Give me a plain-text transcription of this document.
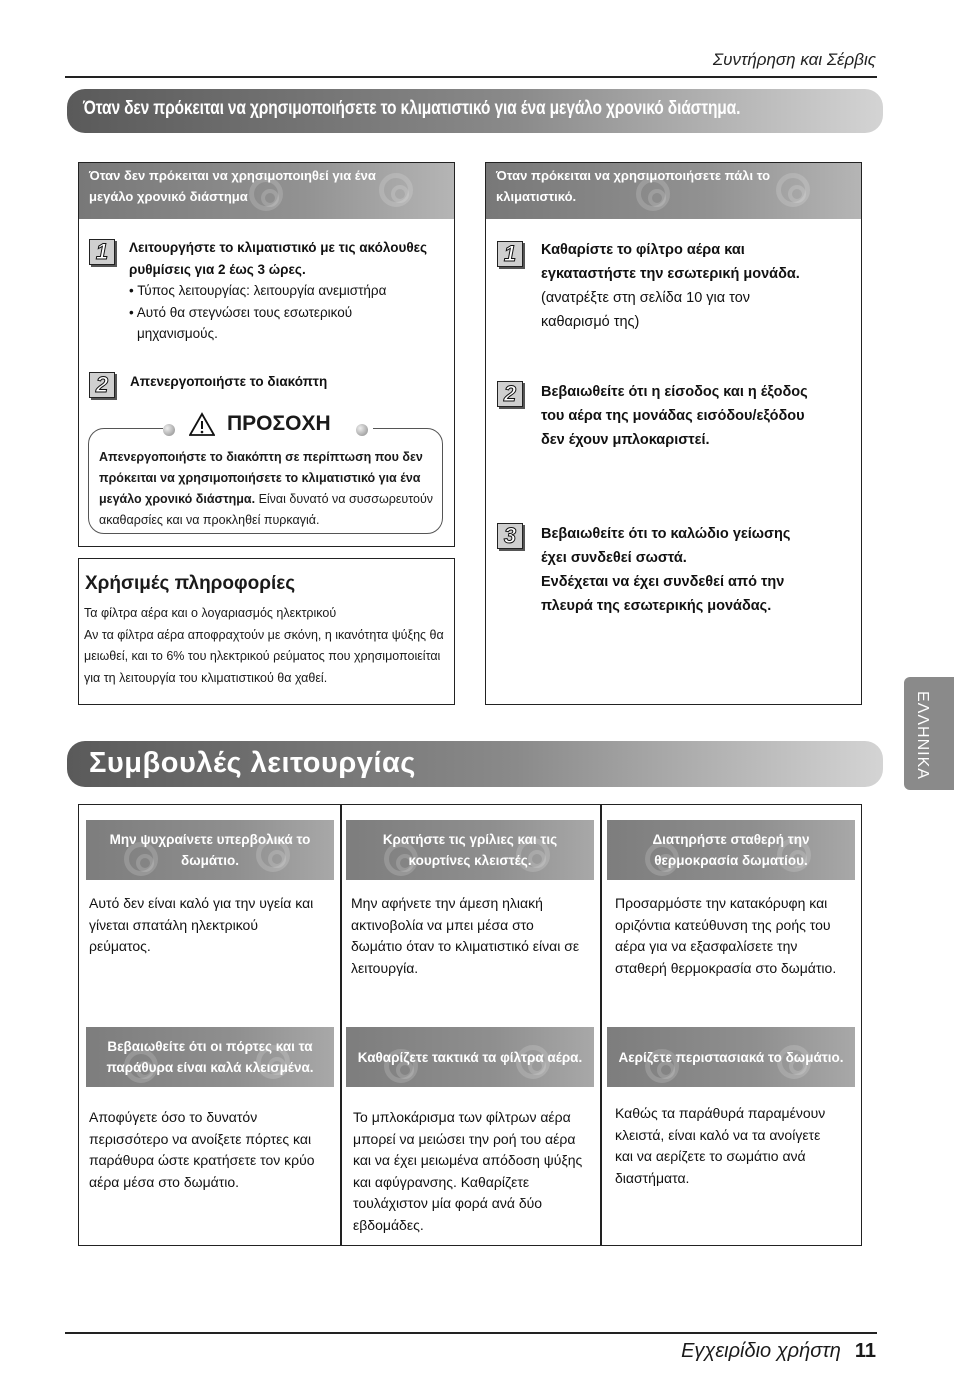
Συντήρηση και Σέρβις
Όταν δεν πρόκειται να χρησιμοποιήσετε το κλιματιστικό για ένα μεγάλο χρονικό διάστημα.
Όταν δεν πρόκειται να χρησιμοποιηθεί για ένα
μεγάλο χρονικό διάστημα
1	Λειτουργήστε το κλιματιστικό με τις ακόλουθες
ρυθμίσεις για 2 έως 3 ώρες.
• Τύπος λειτουργίας: λειτουργία ανεμιστήρα
• Αυτό θα στεγνώσει τους εσωτερικού
μηχανισμούς.
2	Απενεργοποιήστε το διακόπτη
Απενεργοποιήστε το διακόπτη σε περίπτωση που δεν
πρόκειται να χρησιμοποιήσετε το κλιματιστικό για ένα
μεγάλο χρονικό διάστημα. Είναι δυνατό να συσσωρευτούν
ακαθαρσίες και να προκληθεί πυρκαγιά.
ΠΡΟΣΟΧΗ
Χρήσιμές πληροφορίες
Τα φίλτρα αέρα και ο λογαριασμός ηλεκτρικού
Αν τα φίλτρα αέρα αποφραχτούν με σκόνη, η ικανότητα ψύξης θα
μειωθεί, και το 6% του ηλεκτρικού ρεύματος που χρησιμοποιείται
για τη λειτουργία του κλιματιστικού θα χαθεί.
Όταν πρόκειται να χρησιμοποιήσετε πάλι το
κλιματιστικό.
1	Καθαρίστε το φίλτρο αέρα και
εγκαταστήστε την εσωτερική μονάδα.
(ανατρέξτε στη σελίδα 10 για τον
καθαρισμό της)
2	Βεβαιωθείτε ότι η είσοδος και η έξοδος
του αέρα της μονάδας εισόδου/εξόδου
δεν έχουν μπλοκαριστεί.
3	Βεβαιωθείτε ότι το καλώδιο γείωσης
έχει συνδεθεί σωστά.
Ενδέχεται να έχει συνδεθεί από την
πλευρά της εσωτερικής μονάδας.
ΕΛΛΗΝΙΚΑ
Συμβουλές λειτουργίας
Μην ψυχραίνετε υπερβολικά το
δωμάτιο.
Κρατήστε τις γρίλιες και τις
κουρτίνες κλειστές.
Διατηρήστε σταθερή την
θερμοκρασία δωματίου.
Αυτό δεν είναι καλό για την υγεία και
γίνεται σπατάλη ηλεκτρικού
ρεύματος.
Μην αφήνετε την άμεση ηλιακή
ακτινοβολία να μπει μέσα στο
δωμάτιο όταν το κλιματιστικό είναι σε
λειτουργία.
Προσαρμόστε την κατακόρυφη και
οριζόντια κατεύθυνση της ροής του
αέρα για να εξασφαλίσετε την
σταθερή θερμοκρασία στο δωμάτιο.
Βεβαιωθείτε ότι οι πόρτες και τα
παράθυρα είναι καλά κλεισμένα.
Καθαρίζετε τακτικά τα φίλτρα αέρα.	Αερίζετε περιστασιακά το δωμάτιο.
Αποφύγετε όσο το δυνατόν
περισσότερο να ανοίξετε πόρτες και
παράθυρα ώστε κρατήσετε τον κρύο
αέρα μέσα στο δωμάτιο.
Το μπλοκάρισμα των φίλτρων αέρα
μπορεί να μειώσει την ροή του αέρα
και να έχει μειωμένα απόδοση ψύξης
και αφύγρανσης. Καθαρίζετε
τουλάχιστον μία φορά ανά δύο
εβδομάδες.
Καθώς τα παράθυρά παραμένουν
κλειστά, είναι καλό να τα ανοίγετε
και να αερίζετε το σωμάτιο ανά
διαστήματα.
Εγχειρίδιο χρήστη 11
